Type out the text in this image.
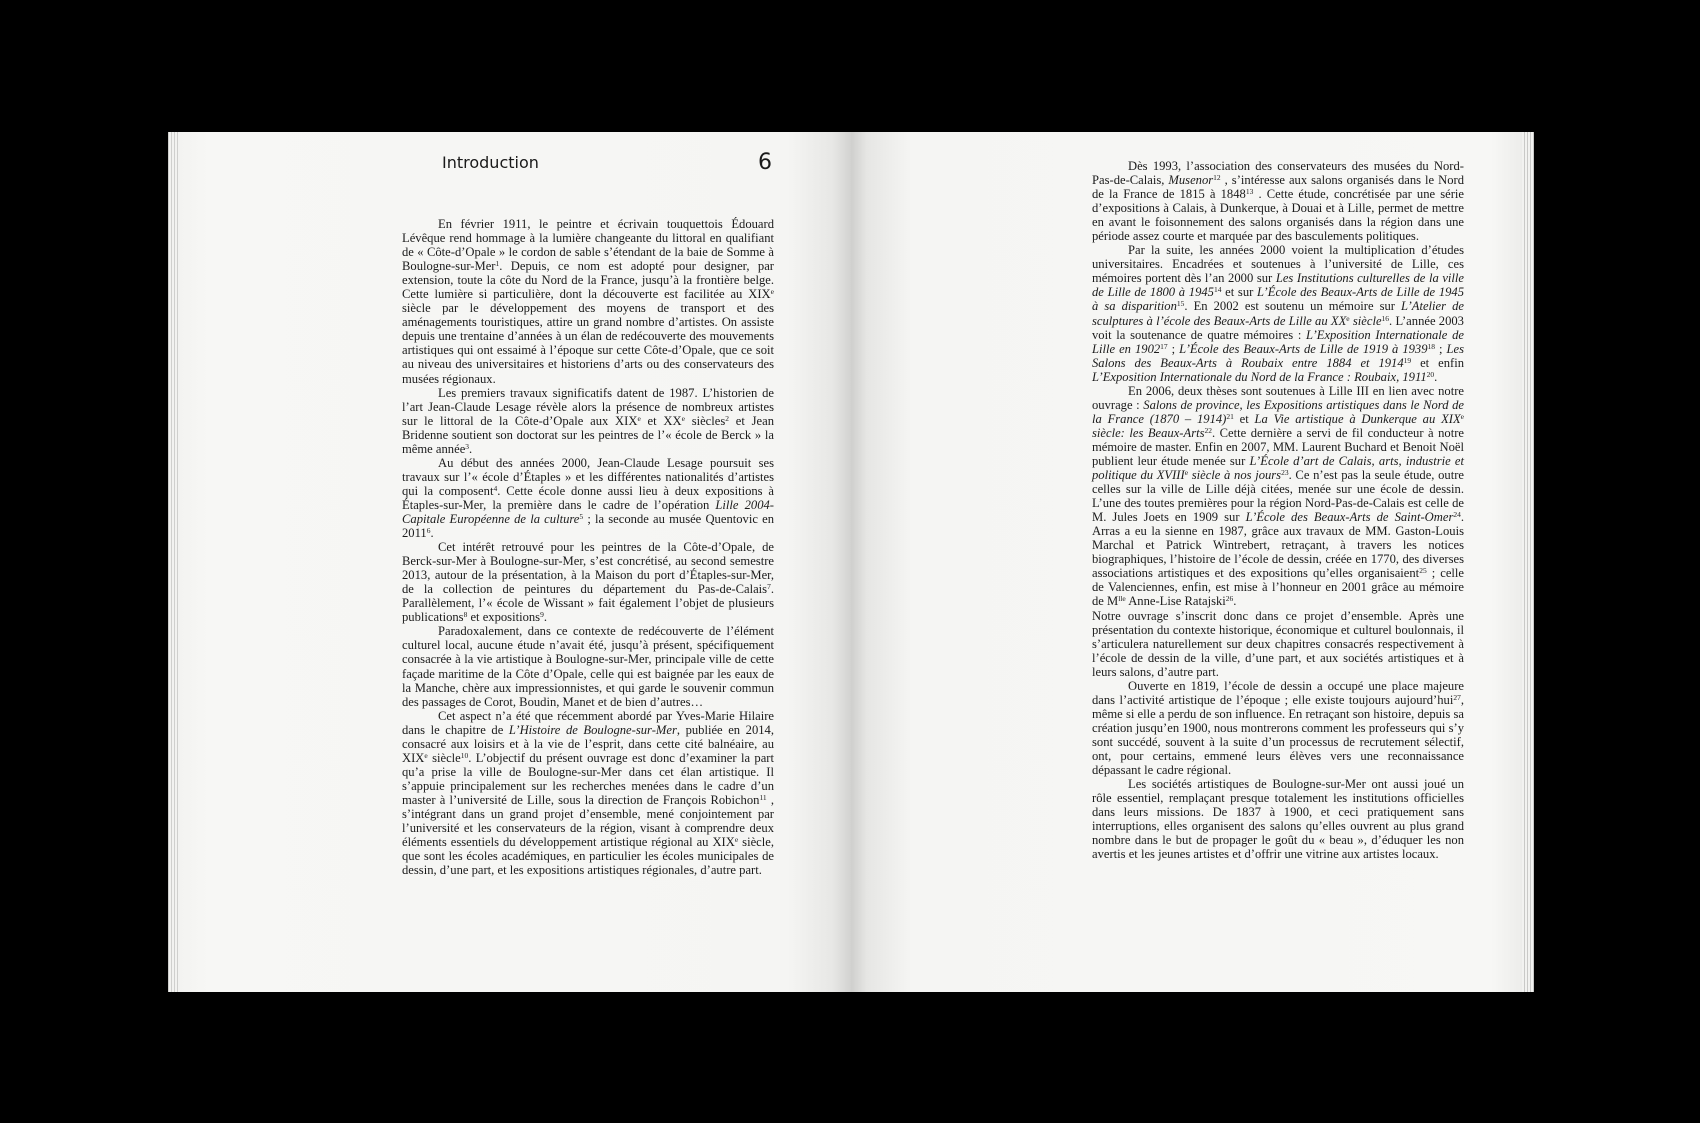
Introduction	6

En février 1911, le peintre et écrivain touquettois Édouard Lévêque rend hommage à la lumière changeante du littoral en qualifiant de « Côte-d’Opale » le cordon de sable s’étendant de la baie de Somme à Boulogne-sur-Mer$^1$. Depuis, ce nom est adopté pour designer, par extension, toute la côte du Nord de la France, jusqu’à la frontière belge. Cette lumière si particulière, dont la découverte est facilitée au XIXe siècle par le développement des moyens de transport et des aménagements touristiques, attire un grand nombre d’artistes. On assiste depuis une trentaine d’années à un élan de redécouverte des mouvements artistiques qui ont essaimé à l’époque sur cette Côte-d’Opale, que ce soit au niveau des universitaires et historiens d’arts ou des conservateurs des musées régionaux.

Les premiers travaux significatifs datent de 1987. L’historien de l’art Jean-Claude Lesage révèle alors la présence de nombreux artistes sur le littoral de la Côte-d’Opale aux XIXe et XXe siècles$^2$ et Jean Bridenne soutient son doctorat sur les peintres de l’« école de Berck » la même année$^3$.

Au début des années 2000, Jean-Claude Lesage poursuit ses travaux sur l’« école d’Étaples » et les différentes nationalités d’artistes qui la composent$^4$. Cette école donne aussi lieu à deux expositions à Étaples-sur-Mer, la première dans le cadre de l’opération Lille 2004-Capitale Européenne de la culture$^5$ ; la seconde au musée Quentovic en 2011$^6$.

Cet intérêt retrouvé pour les peintres de la Côte-d’Opale, de Berck-sur-Mer à Boulogne-sur-Mer, s’est concrétisé, au second semestre 2013, autour de la présentation, à la Maison du port d’Étaples-sur-Mer, de la collection de peintures du département du Pas-de-Calais$^7$. Parallèlement, l’« école de Wissant » fait également l’objet de plusieurs publications$^8$ et expositions$^9$.

Paradoxalement, dans ce contexte de redécouverte de l’élément culturel local, aucune étude n’avait été, jusqu’à présent, spécifiquement consacrée à la vie artistique à Boulogne-sur-Mer, principale ville de cette façade maritime de la Côte d’Opale, celle qui est baignée par les eaux de la Manche, chère aux impressionnistes, et qui garde le souvenir commun des passages de Corot, Boudin, Manet et de bien d’autres…

Cet aspect n’a été que récemment abordé par Yves-Marie Hilaire dans le chapitre de L’Histoire de Boulogne-sur-Mer, publiée en 2014, consacré aux loisirs et à la vie de l’esprit, dans cette cité balnéaire, au XIXe siècle$^{10}$. L’objectif du présent ouvrage est donc d’examiner la part qu’a prise la ville de Boulogne-sur-Mer dans cet élan artistique. Il s’appuie principalement sur les recherches menées dans le cadre d’un master à l’université de Lille, sous la direction de François Robichon$^{11}$ , s’intégrant dans un grand projet d’ensemble, mené conjointement par l’université et les conservateurs de la région, visant à comprendre deux éléments essentiels du développement artistique régional au XIXe siècle, que sont les écoles académiques, en particulier les écoles municipales de dessin, d’une part, et les expositions artistiques régionales, d’autre part.

Dès 1993, l’association des conservateurs des musées du Nord-Pas-de-Calais, Musenor$^{12}$ , s’intéresse aux salons organisés dans le Nord de la France de 1815 à 1848$^{13}$ . Cette étude, concrétisée par une série d’expositions à Calais, à Dunkerque, à Douai et à Lille, permet de mettre en avant le foisonnement des salons organisés dans la région dans une période assez courte et marquée par des basculements politiques.

Par la suite, les années 2000 voient la multiplication d’études universitaires. Encadrées et soutenues à l’université de Lille, ces mémoires portent dès l’an 2000 sur Les Institutions culturelles de la ville de Lille de 1800 à 1945$^{14}$ et sur L’École des Beaux-Arts de Lille de 1945 à sa disparition$^{15}$. En 2002 est soutenu un mémoire sur L’Atelier de sculptures à l’école des Beaux-Arts de Lille au XXe siècle$^{16}$. L’année 2003 voit la soutenance de quatre mémoires : L’Exposition Internationale de Lille en 1902$^{17}$ ; L’École des Beaux-Arts de Lille de 1919 à 1939$^{18}$ ; Les Salons des Beaux-Arts à Roubaix entre 1884 et 1914$^{19}$ et enfin L’Exposition Internationale du Nord de la France : Roubaix, 1911$^{20}$.

En 2006, deux thèses sont soutenues à Lille III en lien avec notre ouvrage : Salons de province, les Expositions artistiques dans le Nord de la France (1870 – 1914)$^{21}$ et La Vie artistique à Dunkerque au XIXe siècle: les Beaux-Arts$^{22}$. Cette dernière a servi de fil conducteur à notre mémoire de master. Enfin en 2007, MM. Laurent Buchard et Benoit Noël publient leur étude menée sur L’École d’art de Calais, arts, industrie et politique du XVIIIe siècle à nos jours$^{23}$. Ce n’est pas la seule étude, outre celles sur la ville de Lille déjà citées, menée sur une école de dessin. L’une des toutes premières pour la région Nord-Pas-de-Calais est celle de M. Jules Joets en 1909 sur L’École des Beaux-Arts de Saint-Omer$^{24}$. Arras a eu la sienne en 1987, grâce aux travaux de MM. Gaston-Louis Marchal et Patrick Wintrebert, retraçant, à travers les notices biographiques, l’histoire de l’école de dessin, créée en 1770, des diverses associations artistiques et des expositions qu’elles organisaient$^{25}$ ; celle de Valenciennes, enfin, est mise à l’honneur en 2001 grâce au mémoire de $M^{lle}$ Anne-Lise Ratajski$^{26}$.

Notre ouvrage s’inscrit donc dans ce projet d’ensemble. Après une présentation du contexte historique, économique et culturel boulonnais, il s’articulera naturellement sur deux chapitres consacrés respectivement à l’école de dessin de la ville, d’une part, et aux sociétés artistiques et à leurs salons, d’autre part.

Ouverte en 1819, l’école de dessin a occupé une place majeure dans l’activité artistique de l’époque ; elle existe toujours aujourd’hui$^{27}$, même si elle a perdu de son influence. En retraçant son histoire, depuis sa création jusqu’en 1900, nous montrerons comment les professeurs qui s’y sont succédé, souvent à la suite d’un processus de recrutement sélectif, ont, pour certains, emmené leurs élèves vers une reconnaissance dépassant le cadre régional.

Les sociétés artistiques de Boulogne-sur-Mer ont aussi joué un rôle essentiel, remplaçant presque totalement les institutions officielles dans leurs missions. De 1837 à 1900, et ceci pratiquement sans interruptions, elles organisent des salons qu’elles ouvrent au plus grand nombre dans le but de propager le goût du « beau », d’éduquer les non avertis et les jeunes artistes et d’offrir une vitrine aux artistes locaux.
